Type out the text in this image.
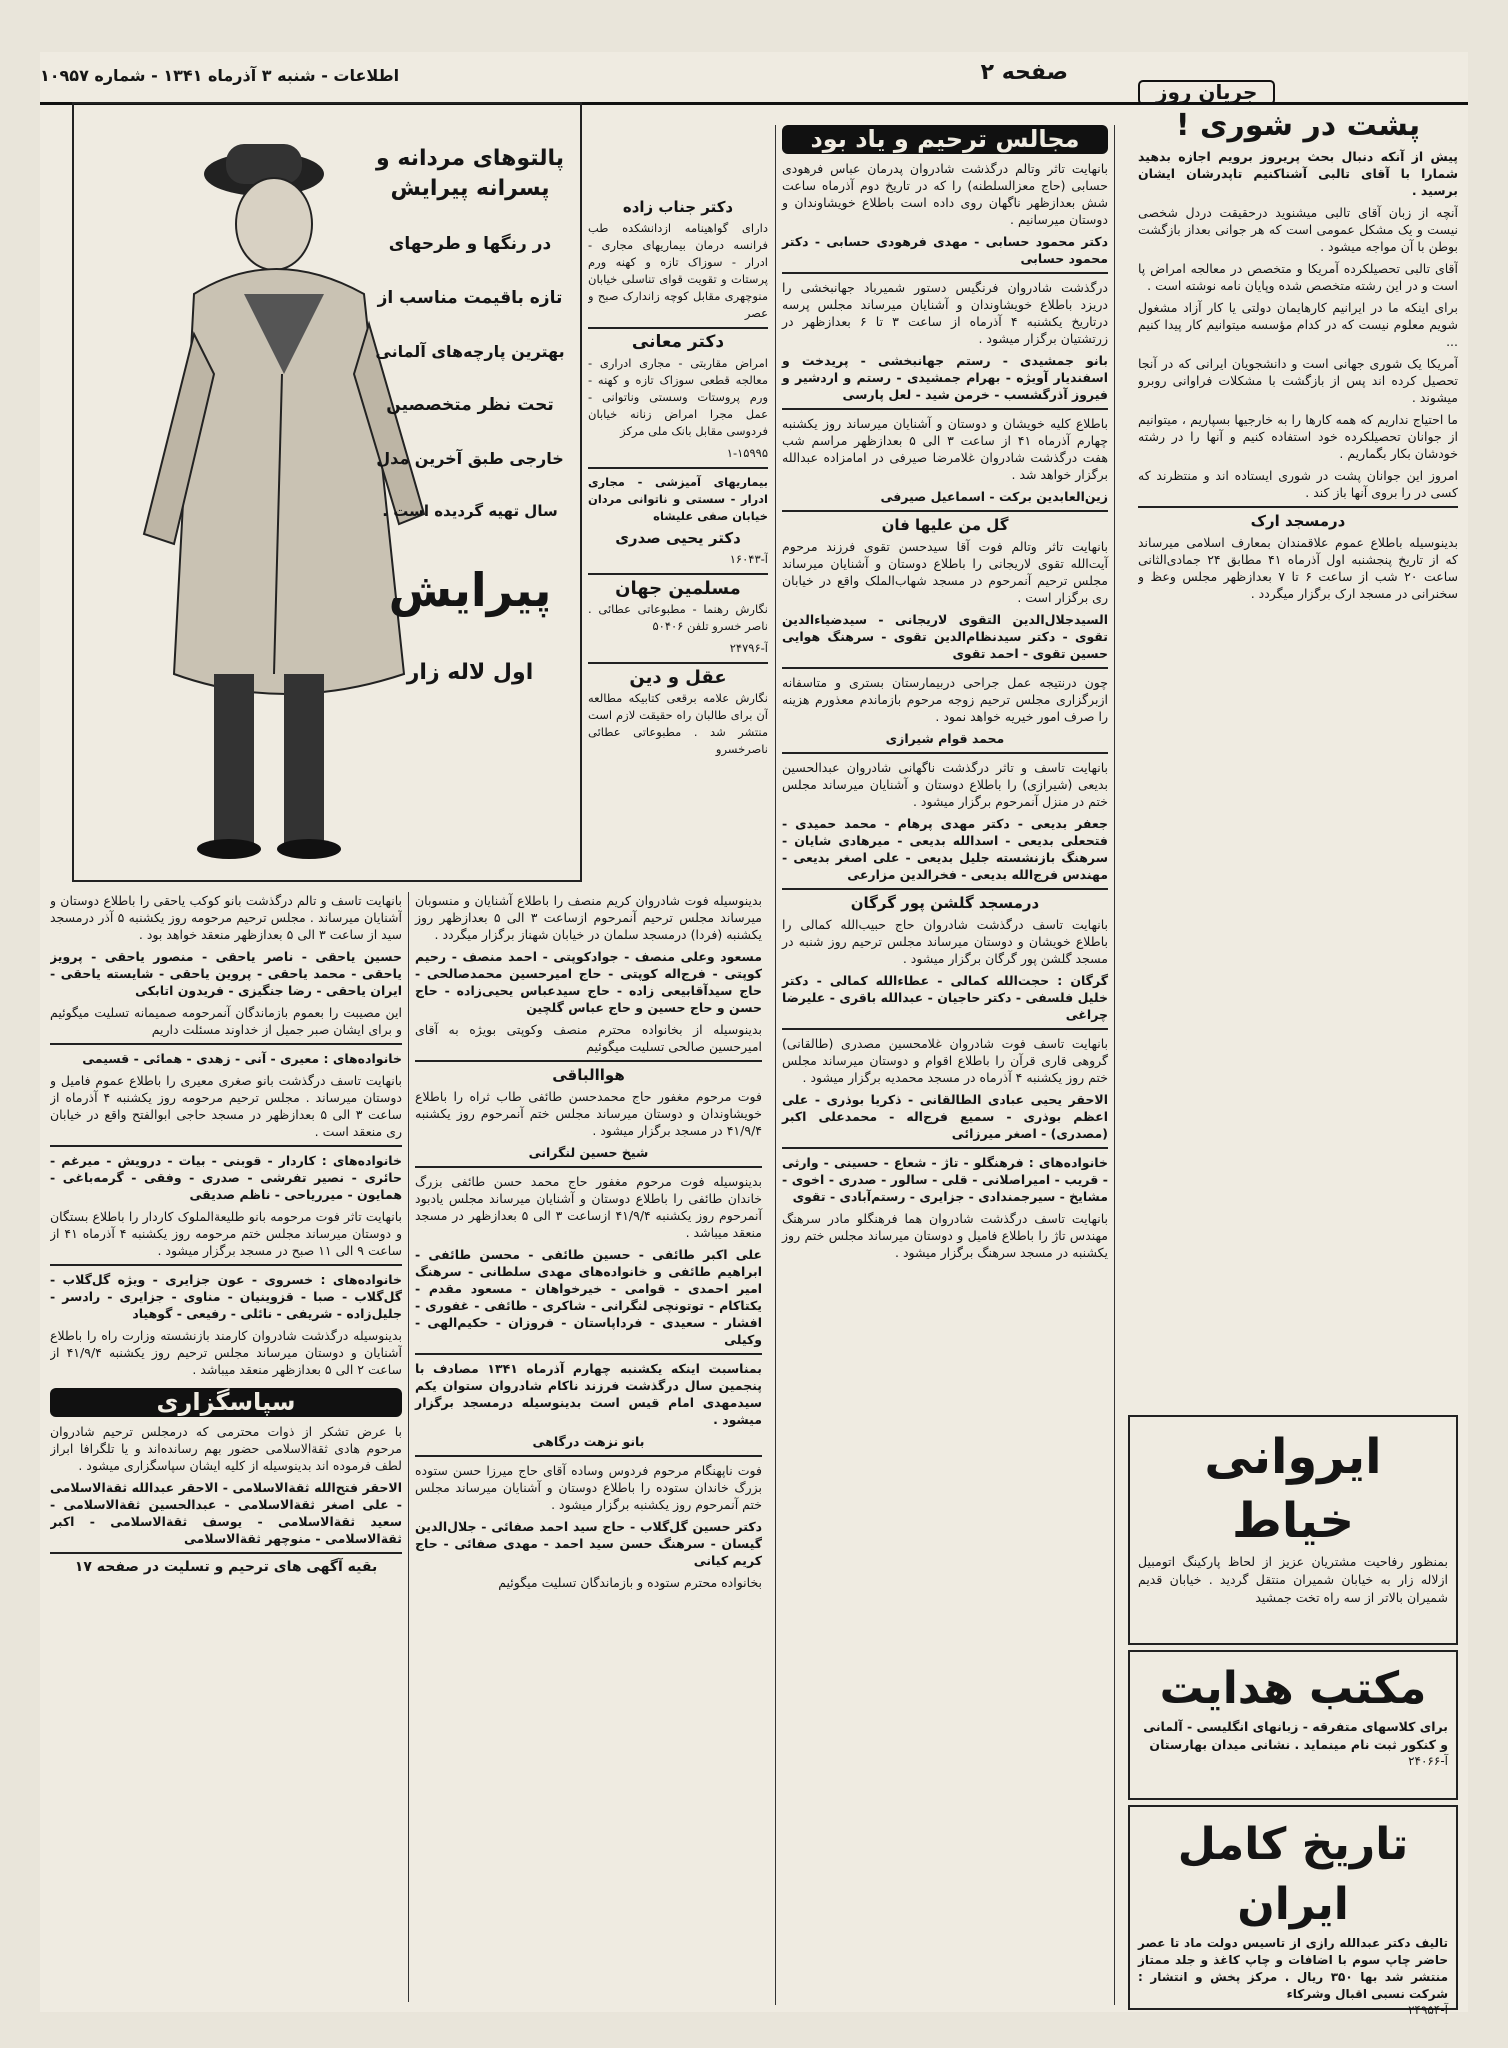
اطلاعات - شنبه ۳ آذرماه ۱۳۴۱ - شماره ۱۰۹۵۷	صفحه ۲
جریان روز
پشت در شوری !

پیش از آنکه دنبال بحث پریروز برویم اجازه بدهید شمارا با آقای تالبی آشناکنیم تاپدرشان ایشان برسید .

آنچه از زبان آقای تالبی میشنوید درحقیقت دردل شخصی نیست و یک مشکل عمومی است که هر جوانی بعداز بازگشت بوطن با آن مواجه میشود .

آقای تالبی تحصیلکرده آمریکا و متخصص در معالجه امراض پا است و در این رشته متخصص شده وپایان نامه نوشته است .

برای اینکه ما در ایرانیم کارهایمان دولتی یا کار آزاد مشغول شویم معلوم نیست که در کدام مؤسسه میتوانیم کار پیدا کنیم ...

آمریکا یک شوری جهانی است و دانشجویان ایرانی که در آنجا تحصیل کرده اند پس از بازگشت با مشکلات فراوانی روبرو میشوند .

ما احتیاج نداریم که همه کارها را به خارجیها بسپاریم ، میتوانیم از جوانان تحصیلکرده خود استفاده کنیم و آنها را در رشته خودشان بکار بگماریم .

امروز این جوانان پشت در شوری ایستاده اند و منتظرند که کسی در را بروی آنها باز کند .

درمسجد ارک

بدینوسیله باطلاع عموم علاقمندان بمعارف اسلامی میرساند که از تاریخ پنجشنبه اول آذرماه ۴۱ مطابق ۲۴ جمادی‌الثانی ساعت ۲۰ شب از ساعت ۶ تا ۷ بعدازظهر مجلس وعظ و سخنرانی در مسجد ارک برگزار میگردد .

ایروانی خیاط
بمنظور رفاحیت مشتریان عزیز از لحاظ پارکینگ اتومبیل ازلاله زار به خیابان شمیران منتقل گردید . خیابان قدیم شمیران بالاتر از سه راه تخت جمشید
مکتب هدایت
برای کلاسهای متفرقه - زبانهای انگلیسی - آلمانی و کنکور ثبت نام مینماید . نشانی میدان بهارستان
آ-۲۴۰۶۶
تاریخ کامل ایران
تالیف دکتر عبدالله رازی از تاسیس دولت ماد تا عصر حاضر چاپ سوم با اضافات و چاپ کاغذ و جلد ممتاز منتشر شد بها ۳۵۰ ریال . مرکز پخش و انتشار : شرکت نسبی اقبال وشرکاء
آ-۲۴۹۵۴
مجالس ترحیم و یاد بود

بانهایت تاثر وتالم درگذشت شادروان پدرمان عباس فرهودی حسابی (حاج معزالسلطنه) را که در تاریخ دوم آذرماه ساعت شش بعدازظهر ناگهان روی داده است باطلاع خویشاوندان و دوستان میرسانیم .

دکتر محمود حسابی - مهدی فرهودی حسابی - دکتر محمود حسابی

درگذشت شادروان فرنگیس دستور شمیرباد جهانبخشی را دریزد باطلاع خویشاوندان و آشنایان میرساند مجلس پرسه درتاریخ یکشنبه ۴ آذرماه از ساعت ۳ تا ۶ بعدازظهر در زرتشتیان برگزار میشود .

بانو جمشیدی - رستم جهانبخشی - پریدخت و اسفندیار آویژه - بهرام جمشیدی - رستم و اردشیر و فیروز آذرگشسب - خرمن شید - لعل پارسی

باطلاع کلیه خویشان و دوستان و آشنایان میرساند روز یکشنبه چهارم آذرماه ۴۱ از ساعت ۳ الی ۵ بعدازظهر مراسم شب هفت درگذشت شادروان غلامرضا صیرفی در امامزاده عبدالله برگزار خواهد شد .

زین‌العابدین برکت - اسماعیل صیرفی

گل من علیها فان

بانهایت تاثر وتالم فوت آقا سیدحسن تقوی فرزند مرحوم آیت‌الله تقوی لاریجانی را باطلاع دوستان و آشنایان میرساند مجلس ترحیم آنمرحوم در مسجد شهاب‌الملک واقع در خیابان ری برگزار است .

السیدجلال‌الدین التقوی لاریجانی - سیدضیاءالدین تقوی - دکتر سیدنظام‌الدین تقوی - سرهنگ هوایی حسین تقوی - احمد تقوی

چون درنتیجه عمل جراحی دربیمارستان بستری و متاسفانه ازبرگزاری مجلس ترحیم زوجه مرحوم بازماندم معذورم هزینه را صرف امور خیریه خواهد نمود .

محمد قوام شیرازی

بانهایت تاسف و تاثر درگذشت ناگهانی شادروان عبدالحسین بدیعی (شیرازی) را باطلاع دوستان و آشنایان میرساند مجلس ختم در منزل آنمرحوم برگزار میشود .

جعفر بدیعی - دکتر مهدی پرهام - محمد حمیدی - فتحعلی بدیعی - اسدالله بدیعی - میرهادی شایان - سرهنگ بازنشسته جلیل بدیعی - علی اصغر بدیعی - مهندس فرج‌الله بدیعی - فخرالدین مزارعی

درمسجد گلشن پور گرگان

بانهایت تاسف درگذشت شادروان حاج حبیب‌الله کمالی را باطلاع خویشان و دوستان میرساند مجلس ترحیم روز شنبه در مسجد گلشن پور گرگان برگزار میشود .

گرگان : حجت‌الله کمالی - عطاءالله کمالی - دکتر خلیل فلسفی - دکتر حاجیان - عبدالله باقری - علیرضا چراغی

بانهایت تاسف فوت شادروان غلامحسین مصدری (طالقانی) گروهی قاری قرآن را باطلاع اقوام و دوستان میرساند مجلس ختم روز یکشنبه ۴ آذرماه در مسجد محمدیه برگزار میشود .

الاحقر یحیی عبادی الطالقانی - ذکریا بوذری - علی اعظم بوذری - سمیع فرج‌اله - محمدعلی اکبر (مصدری) - اصغر میرزائی

خانواده‌های : فرهنگلو - تاژ - شعاع - حسینی - وارثی - قریب - امیراصلانی - قلی - سالور - صدری - اخوی - مشایخ - سیرجمندادی - جزایری - رستم‌آبادی - تقوی

بانهایت تاسف درگذشت شادروان هما فرهنگلو مادر سرهنگ مهندس تاژ را باطلاع فامیل و دوستان میرساند مجلس ختم روز یکشنبه در مسجد سرهنگ برگزار میشود .

دکتر جناب زاده

دارای گواهینامه ازدانشکده طب فرانسه درمان بیماریهای مجاری - ادرار - سوزاک تازه و کهنه ورم پرستات و تقویت قوای تناسلی خیابان منوچهری مقابل کوچه زاندارک صبح و عصر

دکتر معانی

امراض مقاربتی - مجاری ادراری - معالجه قطعی سوزاک تازه و کهنه - ورم پروستات وسستی وناتوانی - عمل مجرا امراض زنانه خیابان فردوسی مقابل بانک ملی مرکز

۱-۱۵۹۹۵

بیماریهای آمیزشی - مجاری ادرار - سستی و ناتوانی مردان خیابان صفی علیشاه

دکتر یحیی صدری

آ-۱۶۰۴۳

مسلمین جهان

نگارش رهنما - مطبوعاتی عطائی . ناصر خسرو تلفن ۵۰۴۰۶

آ-۲۴۷۹۶

عقل و دین

نگارش علامه برقعی کتابیکه مطالعه آن برای طالبان راه حقیقت لازم است منتشر شد . مطبوعاتی عطائی ناصرخسرو

پالتوهای مردانه و پسرانه پیرایش
در رنگها و طرحهای
تازه باقیمت مناسب از
بهترین پارچه‌های آلمانی
تحت نظر متخصصین
خارجی طبق آخرین مدل
سال تهیه گردیده است .
پیرایش
اول لاله زار

بدینوسیله فوت شادروان کریم منصف را باطلاع آشنایان و منسوبان میرساند مجلس ترحیم آنمرحوم ازساعت ۳ الی ۵ بعدازظهر روز یکشنبه (فردا) درمسجد سلمان در خیابان شهناز برگزار میگردد .

مسعود وعلی منصف - جوادکوپتی - احمد منصف - رحیم کوپتی - فرج‌اله کوپتی - حاج امیرحسین محمدصالحی - حاج سیدآقابیعی زاده - حاج سیدعباس یحیی‌زاده - حاج حسن و حاج حسین و حاج عباس گلچین

بدینوسیله از بخانواده محترم منصف وکوپتی بویژه به آقای امیرحسین صالحی تسلیت میگوئیم

هواالباقی

فوت مرحوم مغفور حاج محمدحسن طائفی طاب ثراه را باطلاع خویشاوندان و دوستان میرساند مجلس ختم آنمرحوم روز یکشنبه ۴۱/۹/۴ در مسجد برگزار میشود .

شیخ حسین لنگرانی

بدینوسیله فوت مرحوم مغفور حاج محمد حسن طائفی بزرگ خاندان طائفی را باطلاع دوستان و آشنایان میرساند مجلس یادبود آنمرحوم روز یکشنبه ۴۱/۹/۴ ازساعت ۳ الی ۵ بعدازظهر در مسجد منعقد میباشد .

علی اکبر طائفی - حسین طائفی - محسن طائفی - ابراهیم طائفی و خانواده‌های مهدی سلطانی - سرهنگ امیر احمدی - قوامی - خیرخواهان - مسعود مقدم - یکتاکام - توتونچی لنگرانی - شاکری - طائفی - غفوری - افشار - سعیدی - فرداپاستان - فروزان - حکیم‌الهی - وکیلی

بمناسبت اینکه یکشنبه چهارم آذرماه ۱۳۴۱ مصادف با پنجمین سال درگذشت فرزند ناکام شادروان ستوان یکم سیدمهدی امام قیس است بدینوسیله درمسجد برگزار میشود .

بانو نزهت درگاهی

فوت ناپهنگام مرحوم فردوس وساده آقای حاج میرزا حسن ستوده بزرگ خاندان ستوده را باطلاع دوستان و آشنایان میرساند مجلس ختم آنمرحوم روز یکشنبه برگزار میشود .

دکتر حسین گل‌گلاب - حاج سید احمد صفائی - جلال‌الدین گیسان - سرهنگ حسن سید احمد - مهدی صفائی - حاج کریم کیانی

بخانواده محترم ستوده و بازماندگان تسلیت میگوئیم

بانهایت تاسف و تالم درگذشت بانو کوکب یاحقی را باطلاع دوستان و آشنایان میرساند . مجلس ترحیم مرحومه روز یکشنبه ۵ آذر درمسجد سید از ساعت ۳ الی ۵ بعدازظهر منعقد خواهد بود .

حسین یاحقی - ناصر یاحقی - منصور یاحقی - پرویز یاحقی - محمد یاحقی - پروین یاحقی - شایسته یاحقی - ایران یاحقی - رضا جنگیزی - فریدون اتابکی

این مصیبت را بعموم بازماندگان آنمرحومه صمیمانه تسلیت میگوئیم و برای ایشان صبر جمیل از خداوند مسئلت داریم

خانواده‌های : معیری - آنی - زهدی - همائی - قسیمی

بانهایت تاسف درگذشت بانو صغری معیری را باطلاع عموم فامیل و دوستان میرساند . مجلس ترحیم مرحومه روز یکشنبه ۴ آذرماه از ساعت ۳ الی ۵ بعدازظهر در مسجد حاجی ابوالفتح واقع در خیابان ری منعقد است .

خانواده‌های : کاردار - قوبنی - بیات - درویش - میرغم - حائری - نصیر تفرشی - صدری - وفقی - گرمه‌باغی - همایون - میرریاحی - ناظم صدیقی

بانهایت تاثر فوت مرحومه بانو طلیعةالملوک کاردار را باطلاع بستگان و دوستان میرساند مجلس ختم مرحومه روز یکشنبه ۴ آذرماه ۴۱ از ساعت ۹ الی ۱۱ صبح در مسجد برگزار میشود .

خانواده‌های : خسروی - عون جزایری - ویژه گل‌گلاب - گل‌گلاب - صبا - قزوینیان - مناوی - جزایری - رادسر - جلیل‌زاده - شریفی - نائلی - رفیعی - گوهیاد

بدینوسیله درگذشت شادروان کارمند بازنشسته وزارت راه را باطلاع آشنایان و دوستان میرساند مجلس ترحیم روز یکشنبه ۴۱/۹/۴ از ساعت ۲ الی ۵ بعدازظهر منعقد میباشد .

سپاسگزاری

با عرض تشکر از ذوات محترمی که درمجلس ترحیم شادروان مرحوم هادی ثقةالاسلامی حضور بهم رسانده‌اند و یا تلگرافا ابراز لطف فرموده اند بدینوسیله از کلیه ایشان سپاسگزاری میشود .

الاحقر فتح‌الله ثقةالاسلامی - الاحقر عبدالله ثقةالاسلامی - علی اصغر ثقةالاسلامی - عبدالحسین ثقةالاسلامی - سعید ثقةالاسلامی - یوسف ثقةالاسلامی - اکبر ثقةالاسلامی - منوچهر ثقةالاسلامی

بقیه آگهی های ترحیم و تسلیت در صفحه ۱۷
